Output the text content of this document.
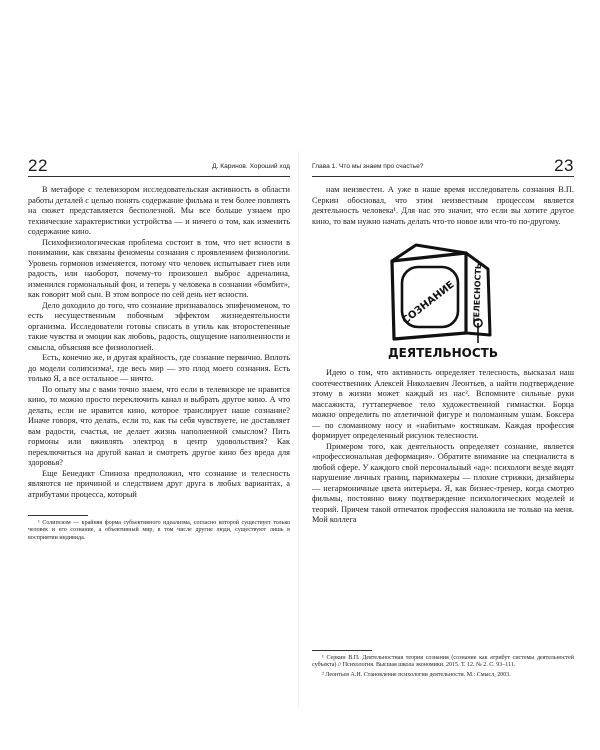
22	Д. Каринов. Хороший ход

В метафоре с телевизором исследовательская активность в области работы деталей с целью понять содержание фильма и тем более повлиять на сюжет представляется бесполезной. Мы все больше узнаем про технические характеристики устройства — и ничего о том, как изменить содержание кино.

Психофизиологическая проблема состоит в том, что нет ясности в понимании, как связаны феномены сознания с проявлением физиологии. Уровень гормонов изменяется, потому что человек испытывает гнев или радость, или наоборот, почему-то произошел выброс адреналина, изменился гормональный фон, и теперь у человека в сознании «бомбит», как говорит мой сын. В этом вопросе по сей день нет ясности.

Дело доходило до того, что сознание признавалось эпифеноменом, то есть несущественным побочным эффектом жизнедеятельности организма. Исследователи готовы списать в утиль как второстепенные такие чувства и эмоции как любовь, радость, ощущение наполненности и смысла, объясняя все физиологией.

Есть, конечно же, и другая крайность, где сознание первично. Вплоть до модели солипсизма¹, где весь мир — это плод моего сознания. Есть только Я, а все остальное — ничто.

По опыту мы с вами точно знаем, что если в телевизоре не нравится кино, то можно просто переключить канал и выбрать другое кино. А что делать, если не нравится кино, которое транслирует наше сознание? Иначе говоря, что делать, если то, как ты себя чувствуете, не доставляет вам радости, счастья, не делает жизнь наполненной смыслом? Пить гормоны или вживлять электрод в центр удовольствия? Как переключиться на другой канал и смотреть другое кино без вреда для здоровья?

Еще Бенедикт Спиноза предположил, что сознание и телесность являются не причиной и следствием друг друга в любых вариантах, а атрибутами процесса, который

¹ Солипсизм — крайняя форма субъективного идеализма, согласно которой существует только человек и его сознание, а объективный мир, в том числе другие люди, существуют лишь в восприятии индивида.

23
Глава 1. Что мы знаем про счастье?

нам неизвестен. А уже в наше время исследователь сознания В.П. Серкин обосновал, что этим неизвестным процессом является деятельность человека¹. Для нас это значит, что если вы хотите другое кино, то вам нужно начать делать что-то новое или что-то по-другому.

СОЗНАНИЕ ТЕЛЕСНОСТЬ
ДЕЯТЕЛЬНОСТЬ

Идею о том, что активность определяет телесность, высказал наш соотечественник Алексей Николаевич Леонтьев, а найти подтверждение этому в жизни может каждый из нас². Вспомните сильные руки массажиста, гуттаперчевое тело художественной гимнастки. Борца можно определить по атлетичной фигуре и поломанным ушам. Боксера — по сломанному носу и «набитым» костяшкам. Каждая профессия формирует определенный рисунок телесности.

Примером того, как деятельность определяет сознание, является «профессиональная деформация». Обратите внимание на специалиста в любой сфере. У каждого свой персональный «ад»: психологи везде видят нарушение личных границ, парикмахеры — плохие стрижки, дизайнеры — негармоничные цвета интерьера. Я, как бизнес-тренер, когда смотрю фильмы, постоянно вижу подтверждение психологических моделей и теорий. Причем такой отпечаток профессия наложила не только на меня. Мой коллега

¹ Серкин В.П. Деятельностная теория сознания (сознание как атрибут системы деятельностей субъекта) // Психология. Высшая школа экономики. 2015. Т. 12. № 2. С. 93–111.

² Леонтьев А.Н. Становление психологии деятельности. М.: Смысл, 2003.
